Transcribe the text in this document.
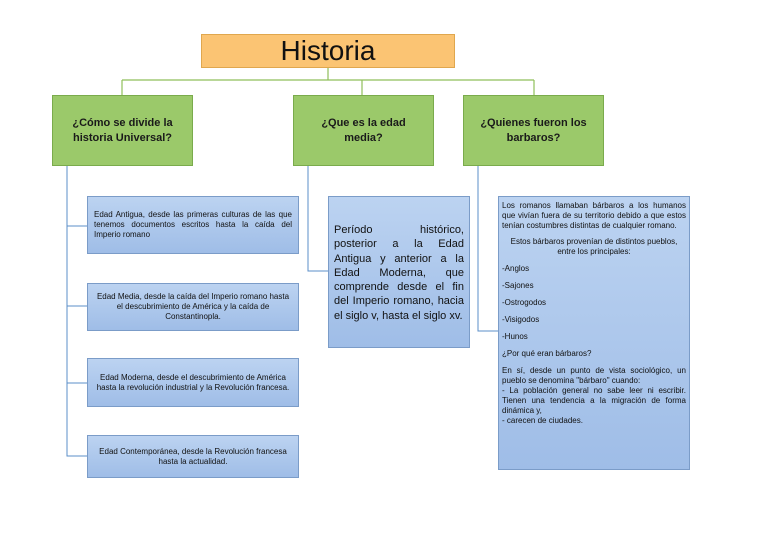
Historia
¿Cómo se divide la historia Universal?
¿Que es la edad media?
¿Quienes fueron los barbaros?
Edad Antigua, desde las primeras culturas de las que tenemos documentos escritos hasta la caída del Imperio romano
Edad Media, desde la caída del Imperio romano hasta el descubrimiento de América y la caída de Constantinopla.
Edad Moderna, desde el descubrimiento de América hasta la revolución industrial y la Revolución francesa.
Edad Contemporánea, desde la Revolución francesa hasta la actualidad.
Período histórico, posterior a la Edad Antigua y anterior a la Edad Moderna, que comprende desde el fin del Imperio romano, hacia el siglo v, hasta el siglo xv.

Los romanos llamaban bárbaros a los humanos que vivían fuera de su territorio debido a que estos tenían costumbres distintas de cualquier romano.

Estos bárbaros provenían de distintos pueblos, entre los principales:

-Anglos

-Sajones

-Ostrogodos

-Visigodos

-Hunos

¿Por qué eran bárbaros?

En sí, desde un punto de vista sociológico, un pueblo se denomina "bárbaro" cuando:

- La población general no sabe leer ni escribir. Tienen una tendencia a la migración de forma dinámica y,

- carecen de ciudades.
